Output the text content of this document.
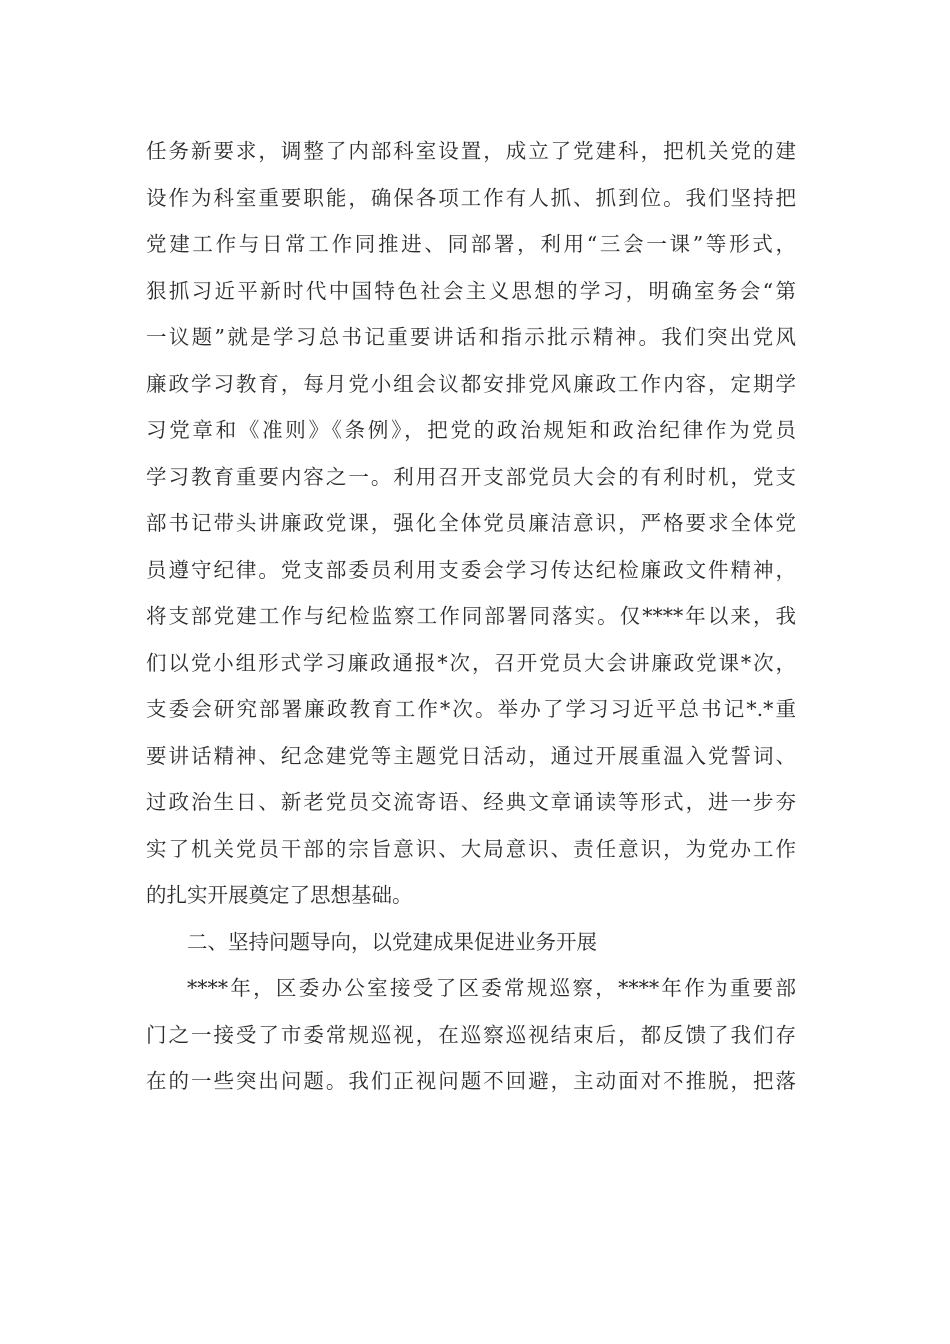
任务新要求，调整了内部科室设置，成立了党建科，把机关党的建
设作为科室重要职能，确保各项工作有人抓、抓到位。我们坚持把
党建工作与日常工作同推进、同部署，利用“三会一课”等形式，
狠抓习近平新时代中国特色社会主义思想的学习，明确室务会“第
一议题”就是学习总书记重要讲话和指示批示精神。我们突出党风
廉政学习教育，每月党小组会议都安排党风廉政工作内容，定期学
习党章和《准则》《条例》，把党的政治规矩和政治纪律作为党员
学习教育重要内容之一。利用召开支部党员大会的有利时机，党支
部书记带头讲廉政党课，强化全体党员廉洁意识，严格要求全体党
员遵守纪律。党支部委员利用支委会学习传达纪检廉政文件精神，
将支部党建工作与纪检监察工作同部署同落实。仅****年以来，我
们以党小组形式学习廉政通报*次，召开党员大会讲廉政党课*次，
支委会研究部署廉政教育工作*次。举办了学习习近平总书记*.*重
要讲话精神、纪念建党等主题党日活动，通过开展重温入党誓词、
过政治生日、新老党员交流寄语、经典文章诵读等形式，进一步夯
实了机关党员干部的宗旨意识、大局意识、责任意识，为党办工作
的扎实开展奠定了思想基础。
二、坚持问题导向，以党建成果促进业务开展
****年，区委办公室接受了区委常规巡察，****年作为重要部
门之一接受了市委常规巡视，在巡察巡视结束后，都反馈了我们存
在的一些突出问题。我们正视问题不回避，主动面对不推脱，把落
